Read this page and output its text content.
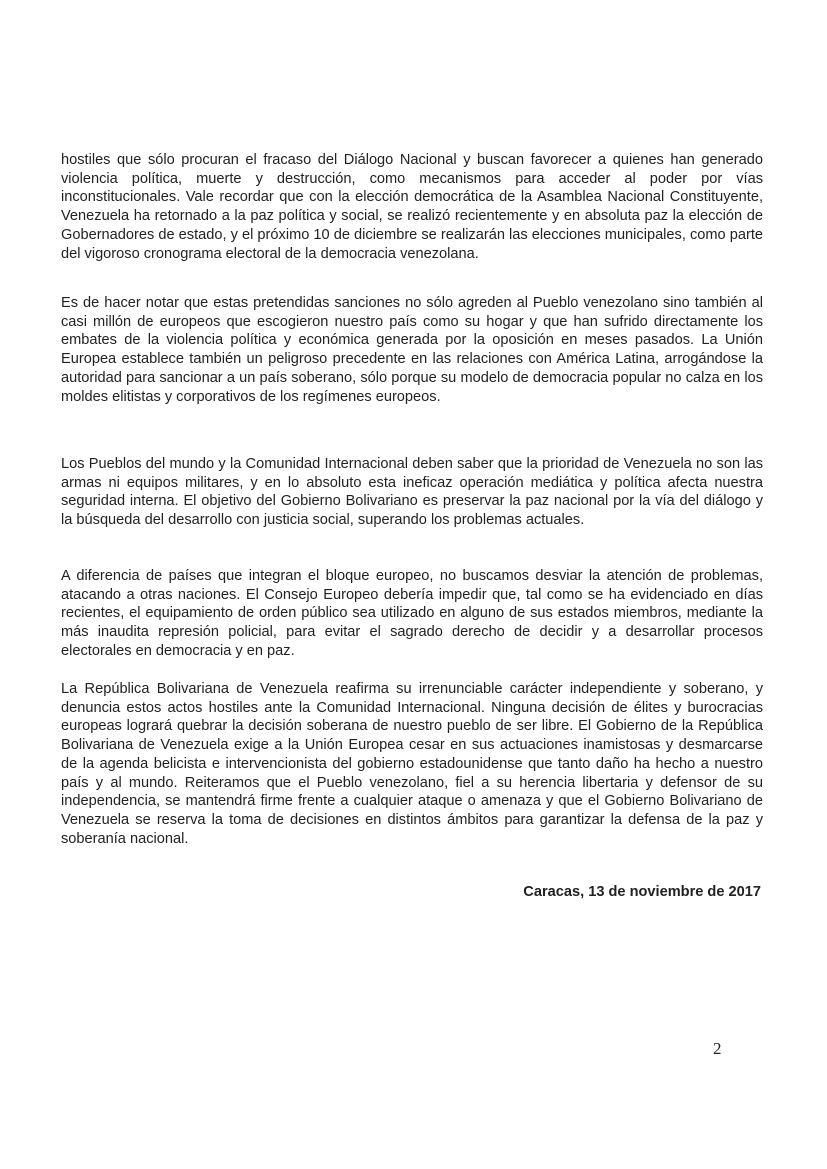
hostiles que sólo procuran el fracaso del Diálogo Nacional y buscan favorecer a quienes han generado violencia política, muerte y destrucción, como mecanismos para acceder al poder por vías inconstitucionales. Vale recordar que con la elección democrática de la Asamblea Nacional Constituyente, Venezuela ha retornado a la paz política y social, se realizó recientemente y en absoluta paz la elección de Gobernadores de estado, y el próximo 10 de diciembre se realizarán las elecciones municipales, como parte del vigoroso cronograma electoral de la democracia venezolana.

Es de hacer notar que estas pretendidas sanciones no sólo agreden al Pueblo venezolano sino también al casi millón de europeos que escogieron nuestro país como su hogar y que han sufrido directamente los embates de la violencia política y económica generada por la oposición en meses pasados. La Unión Europea establece también un peligroso precedente en las relaciones con América Latina, arrogándose la autoridad para sancionar a un país soberano, sólo porque su modelo de democracia popular no calza en los moldes elitistas y corporativos de los regímenes europeos.

Los Pueblos del mundo y la Comunidad Internacional deben saber que la prioridad de Venezuela no son las armas ni equipos militares, y en lo absoluto esta ineficaz operación mediática y política afecta nuestra seguridad interna. El objetivo del Gobierno Bolivariano es preservar la paz nacional por la vía del diálogo y la búsqueda del desarrollo con justicia social, superando los problemas actuales.

A diferencia de países que integran el bloque europeo, no buscamos desviar la atención de problemas, atacando a otras naciones. El Consejo Europeo debería impedir que, tal como se ha evidenciado en días recientes, el equipamiento de orden público sea utilizado en alguno de sus estados miembros, mediante la más inaudita represión policial, para evitar el sagrado derecho de decidir y a desarrollar procesos electorales en democracia y en paz.

La República Bolivariana de Venezuela reafirma su irrenunciable carácter independiente y soberano, y denuncia estos actos hostiles ante la Comunidad Internacional. Ninguna decisión de élites y burocracias europeas logrará quebrar la decisión soberana de nuestro pueblo de ser libre. El Gobierno de la República Bolivariana de Venezuela exige a la Unión Europea cesar en sus actuaciones inamistosas y desmarcarse de la agenda belicista e intervencionista del gobierno estadounidense que tanto daño ha hecho a nuestro país y al mundo. Reiteramos que el Pueblo venezolano, fiel a su herencia libertaria y defensor de su independencia, se mantendrá firme frente a cualquier ataque o amenaza y que el Gobierno Bolivariano de Venezuela se reserva la toma de decisiones en distintos ámbitos para garantizar la defensa de la paz y soberanía nacional.

Caracas, 13 de noviembre de 2017

2
